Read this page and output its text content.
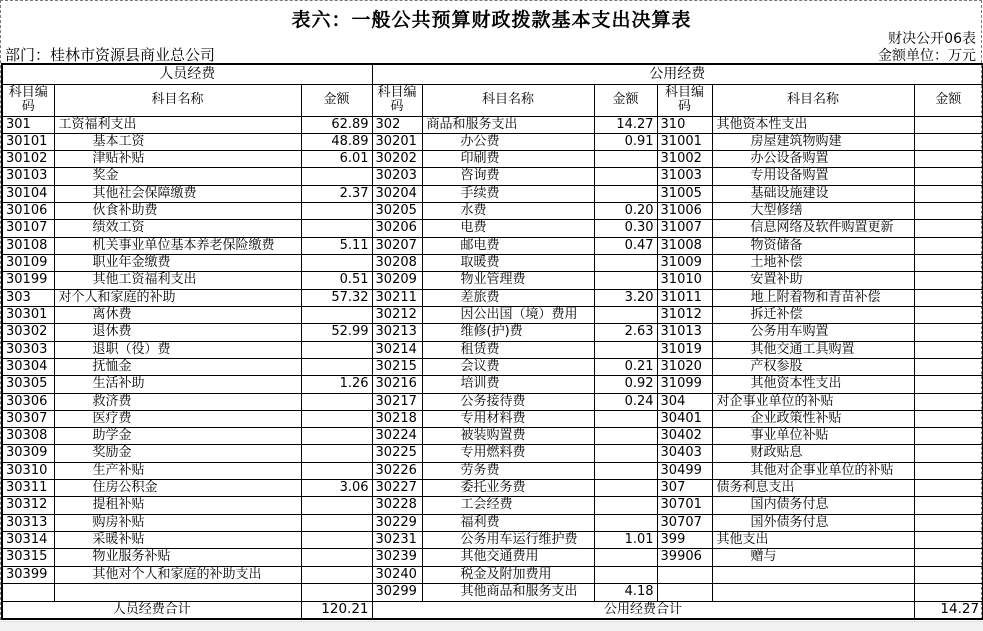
表六：一般公共预算财政拨款基本支出决算表
财决公开06表
金额单位：万元
部门：桂林市资源县商业总公司
人员经费			公用经费					
科目编码	科目名称	金额	科目编码	科目名称	金额	科目编码	科目名称	金额
301	工资福利支出	62.89	302	商品和服务支出	14.27	310	其他资本性支出	
30101	基本工资	48.89	30201	办公费	0.91	31001	房屋建筑物购建	
30102	津贴补贴	6.01	30202	印刷费		31002	办公设备购置	
30103	奖金		30203	咨询费		31003	专用设备购置	
30104	其他社会保障缴费	2.37	30204	手续费		31005	基础设施建设	
30106	伙食补助费		30205	水费	0.20	31006	大型修缮	
30107	绩效工资		30206	电费	0.30	31007	信息网络及软件购置更新	
30108	机关事业单位基本养老保险缴费	5.11	30207	邮电费	0.47	31008	物资储备	
30109	职业年金缴费		30208	取暖费		31009	土地补偿	
30199	其他工资福利支出	0.51	30209	物业管理费		31010	安置补助	
303	对个人和家庭的补助	57.32	30211	差旅费	3.20	31011	地上附着物和青苗补偿	
30301	离休费		30212	因公出国（境）费用		31012	拆迁补偿	
30302	退休费	52.99	30213	维修(护)费	2.63	31013	公务用车购置	
30303	退职（役）费		30214	租赁费		31019	其他交通工具购置	
30304	抚恤金		30215	会议费	0.21	31020	产权参股	
30305	生活补助	1.26	30216	培训费	0.92	31099	其他资本性支出	
30306	救济费		30217	公务接待费	0.24	304	对企事业单位的补贴	
30307	医疗费		30218	专用材料费		30401	企业政策性补贴	
30308	助学金		30224	被装购置费		30402	事业单位补贴	
30309	奖励金		30225	专用燃料费		30403	财政贴息	
30310	生产补贴		30226	劳务费		30499	其他对企事业单位的补贴	
30311	住房公积金	3.06	30227	委托业务费		307	债务利息支出	
30312	提租补贴		30228	工会经费		30701	国内债务付息	
30313	购房补贴		30229	福利费		30707	国外债务付息	
30314	采暖补贴		30231	公务用车运行维护费	1.01	399	其他支出	
30315	物业服务补贴		30239	其他交通费用		39906	赠与	
30399	其他对个人和家庭的补助支出		30240	税金及附加费用				
			30299	其他商品和服务支出	4.18			
人员经费合计		120.21	公用经费合计					14.27
